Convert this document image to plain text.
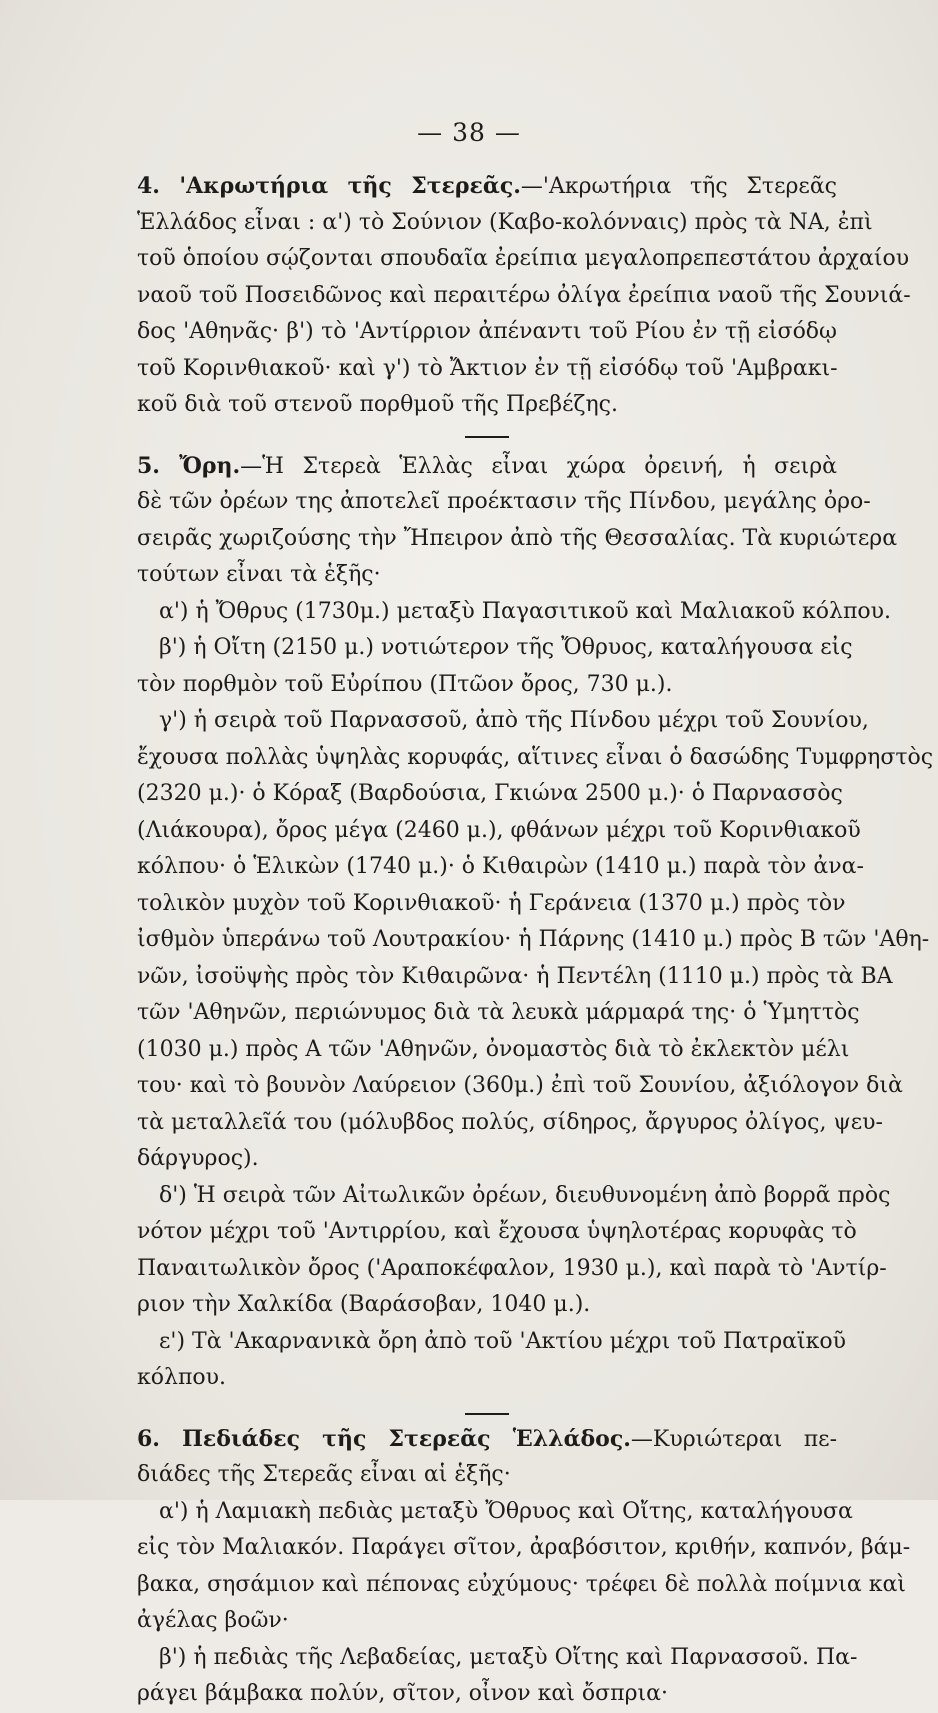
— 38 —
4. 'Ακρωτήρια τῆς Στερεᾶς.—'Ακρωτήρια τῆς Στερεᾶς
Ἑλλάδος εἶναι : α') τὸ Σούνιον (Καβο-κολόνναις) πρὸς τὰ ΝΑ, ἐπὶ
τοῦ ὁποίου σῴζονται σπουδαῖα ἐρείπια μεγαλοπρεπεστάτου ἀρχαίου
ναοῦ τοῦ Ποσειδῶνος καὶ περαιτέρω ὀλίγα ἐρείπια ναοῦ τῆς Σουνιά-
δος 'Αθηνᾶς· β') τὸ 'Αντίρριον ἀπέναντι τοῦ Ρίου ἐν τῇ εἰσόδῳ
τοῦ Κορινθιακοῦ· καὶ γ') τὸ Ἄκτιον ἐν τῇ εἰσόδῳ τοῦ 'Αμβρακι-
κοῦ διὰ τοῦ στενοῦ πορθμοῦ τῆς Πρεβέζης.
5. Ὄρη.—Ἡ Στερεὰ Ἑλλὰς εἶναι χώρα ὀρεινή, ἡ σειρὰ
δὲ τῶν ὀρέων της ἀποτελεῖ προέκτασιν τῆς Πίνδου, μεγάλης ὀρο-
σειρᾶς χωριζούσης τὴν Ἤπειρον ἀπὸ τῆς Θεσσαλίας. Τὰ κυριώτερα
τούτων εἶναι τὰ ἑξῆς·
α') ἡ Ὄθρυς (1730μ.) μεταξὺ Παγασιτικοῦ καὶ Μαλιακοῦ κόλπου.
β') ἡ Οἴτη (2150 μ.) νοτιώτερον τῆς Ὄθρυος, καταλήγουσα εἰς
τὸν πορθμὸν τοῦ Εὐρίπου (Πτῶον ὄρος, 730 μ.).
γ') ἡ σειρὰ τοῦ Παρνασσοῦ, ἀπὸ τῆς Πίνδου μέχρι τοῦ Σουνίου,
ἔχουσα πολλὰς ὑψηλὰς κορυφάς, αἵτινες εἶναι ὁ δασώδης Τυμφρηστὸς
(2320 μ.)· ὁ Κόραξ (Βαρδούσια, Γκιώνα 2500 μ.)· ὁ Παρνασσὸς
(Λιάκουρα), ὄρος μέγα (2460 μ.), φθάνων μέχρι τοῦ Κορινθιακοῦ
κόλπου· ὁ Ἑλικὼν (1740 μ.)· ὁ Κιθαιρὼν (1410 μ.) παρὰ τὸν ἀνα-
τολικὸν μυχὸν τοῦ Κορινθιακοῦ· ἡ Γεράνεια (1370 μ.) πρὸς τὸν
ἰσθμὸν ὑπεράνω τοῦ Λουτρακίου· ἡ Πάρνης (1410 μ.) πρὸς Β τῶν 'Αθη-
νῶν, ἰσοϋψὴς πρὸς τὸν Κιθαιρῶνα· ἡ Πεντέλη (1110 μ.) πρὸς τὰ ΒΑ
τῶν 'Αθηνῶν, περιώνυμος διὰ τὰ λευκὰ μάρμαρά της· ὁ Ὑμηττὸς
(1030 μ.) πρὸς Α τῶν 'Αθηνῶν, ὀνομαστὸς διὰ τὸ ἐκλεκτὸν μέλι
του· καὶ τὸ βουνὸν Λαύρειον (360μ.) ἐπὶ τοῦ Σουνίου, ἀξιόλογον διὰ
τὰ μεταλλεῖά του (μόλυβδος πολύς, σίδηρος, ἄργυρος ὀλίγος, ψευ-
δάργυρος).
δ') Ἡ σειρὰ τῶν Αἰτωλικῶν ὀρέων, διευθυνομένη ἀπὸ βορρᾶ πρὸς
νότον μέχρι τοῦ 'Αντιρρίου, καὶ ἔχουσα ὑψηλοτέρας κορυφὰς τὸ
Παναιτωλικὸν ὄρος ('Αραποκέφαλον, 1930 μ.), καὶ παρὰ τὸ 'Αντίρ-
ριον τὴν Χαλκίδα (Βαράσοβαν, 1040 μ.).
ε') Τὰ 'Ακαρνανικὰ ὄρη ἀπὸ τοῦ 'Ακτίου μέχρι τοῦ Πατραϊκοῦ
κόλπου.
6. Πεδιάδες τῆς Στερεᾶς Ἑλλάδος.—Κυριώτεραι πε-
διάδες τῆς Στερεᾶς εἶναι αἱ ἑξῆς·
α') ἡ Λαμιακὴ πεδιὰς μεταξὺ Ὄθρυος καὶ Οἴτης, καταλήγουσα
εἰς τὸν Μαλιακόν. Παράγει σῖτον, ἀραβόσιτον, κριθήν, καπνόν, βάμ-
βακα, σησάμιον καὶ πέπονας εὐχύμους· τρέφει δὲ πολλὰ ποίμνια καὶ
ἀγέλας βοῶν·
β') ἡ πεδιὰς τῆς Λεβαδείας, μεταξὺ Οἴτης καὶ Παρνασσοῦ. Πα-
ράγει βάμβακα πολύν, σῖτον, οἶνον καὶ ὄσπρια·
